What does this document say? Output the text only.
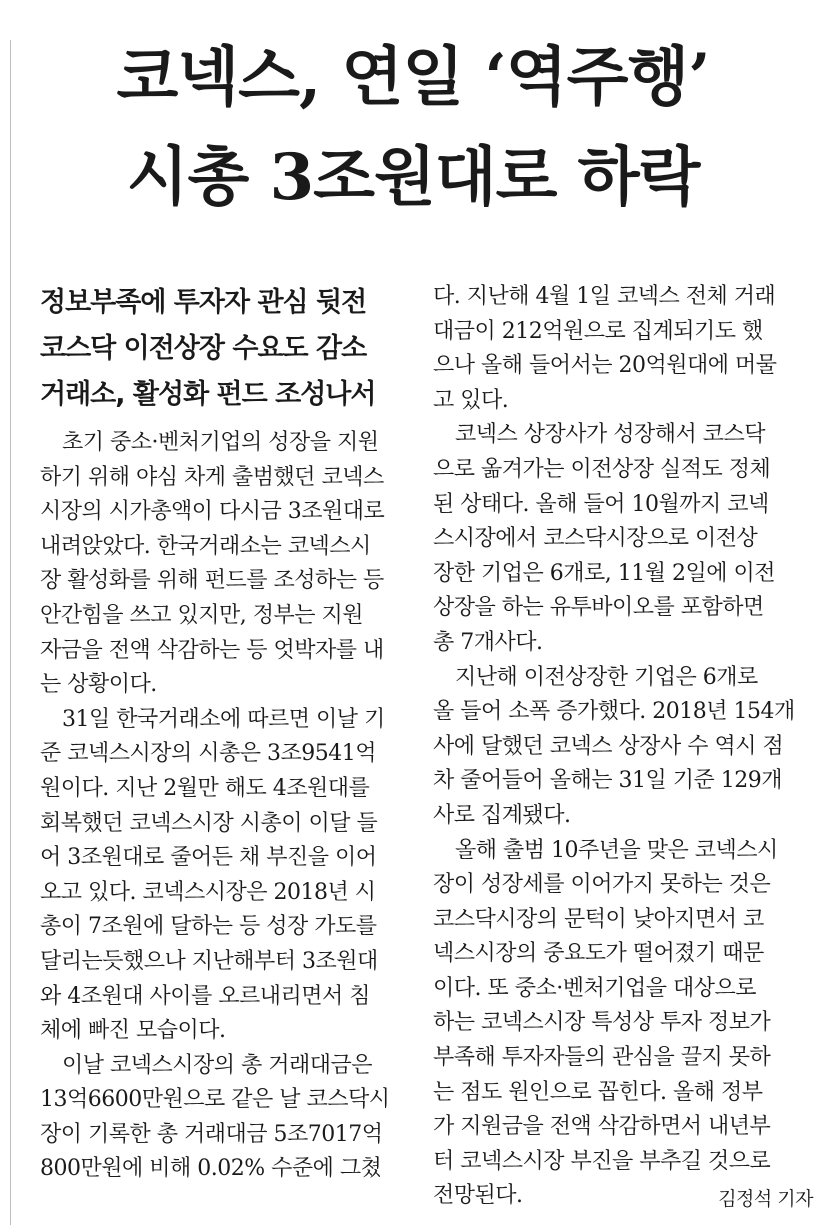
코넥스, 연일 ‘역주행’
시총 3조원대로 하락
정보부족에 투자자 관심 뒷전
코스닥 이전상장 수요도 감소
거래소, 활성화 펀드 조성나서
초기 중소·벤처기업의 성장을 지원
하기 위해 야심 차게 출범했던 코넥스
시장의 시가총액이 다시금 3조원대로
내려앉았다. 한국거래소는 코넥스시
장 활성화를 위해 펀드를 조성하는 등
안간힘을 쓰고 있지만, 정부는 지원
자금을 전액 삭감하는 등 엇박자를 내
는 상황이다.
31일 한국거래소에 따르면 이날 기
준 코넥스시장의 시총은 3조9541억
원이다. 지난 2월만 해도 4조원대를
회복했던 코넥스시장 시총이 이달 들
어 3조원대로 줄어든 채 부진을 이어
오고 있다. 코넥스시장은 2018년 시
총이 7조원에 달하는 등 성장 가도를
달리는듯했으나 지난해부터 3조원대
와 4조원대 사이를 오르내리면서 침
체에 빠진 모습이다.
이날 코넥스시장의 총 거래대금은
13억6600만원으로 같은 날 코스닥시
장이 기록한 총 거래대금 5조7017억
800만원에 비해 0.02% 수준에 그쳤
다. 지난해 4월 1일 코넥스 전체 거래
대금이 212억원으로 집계되기도 했
으나 올해 들어서는 20억원대에 머물
고 있다.
코넥스 상장사가 성장해서 코스닥
으로 옮겨가는 이전상장 실적도 정체
된 상태다. 올해 들어 10월까지 코넥
스시장에서 코스닥시장으로 이전상
장한 기업은 6개로, 11월 2일에 이전
상장을 하는 유투바이오를 포함하면
총 7개사다.
지난해 이전상장한 기업은 6개로
올 들어 소폭 증가했다. 2018년 154개
사에 달했던 코넥스 상장사 수 역시 점
차 줄어들어 올해는 31일 기준 129개
사로 집계됐다.
올해 출범 10주년을 맞은 코넥스시
장이 성장세를 이어가지 못하는 것은
코스닥시장의 문턱이 낮아지면서 코
넥스시장의 중요도가 떨어졌기 때문
이다. 또 중소·벤처기업을 대상으로
하는 코넥스시장 특성상 투자 정보가
부족해 투자자들의 관심을 끌지 못하
는 점도 원인으로 꼽힌다. 올해 정부
가 지원금을 전액 삭감하면서 내년부
터 코넥스시장 부진을 부추길 것으로
전망된다.	김정석 기자
